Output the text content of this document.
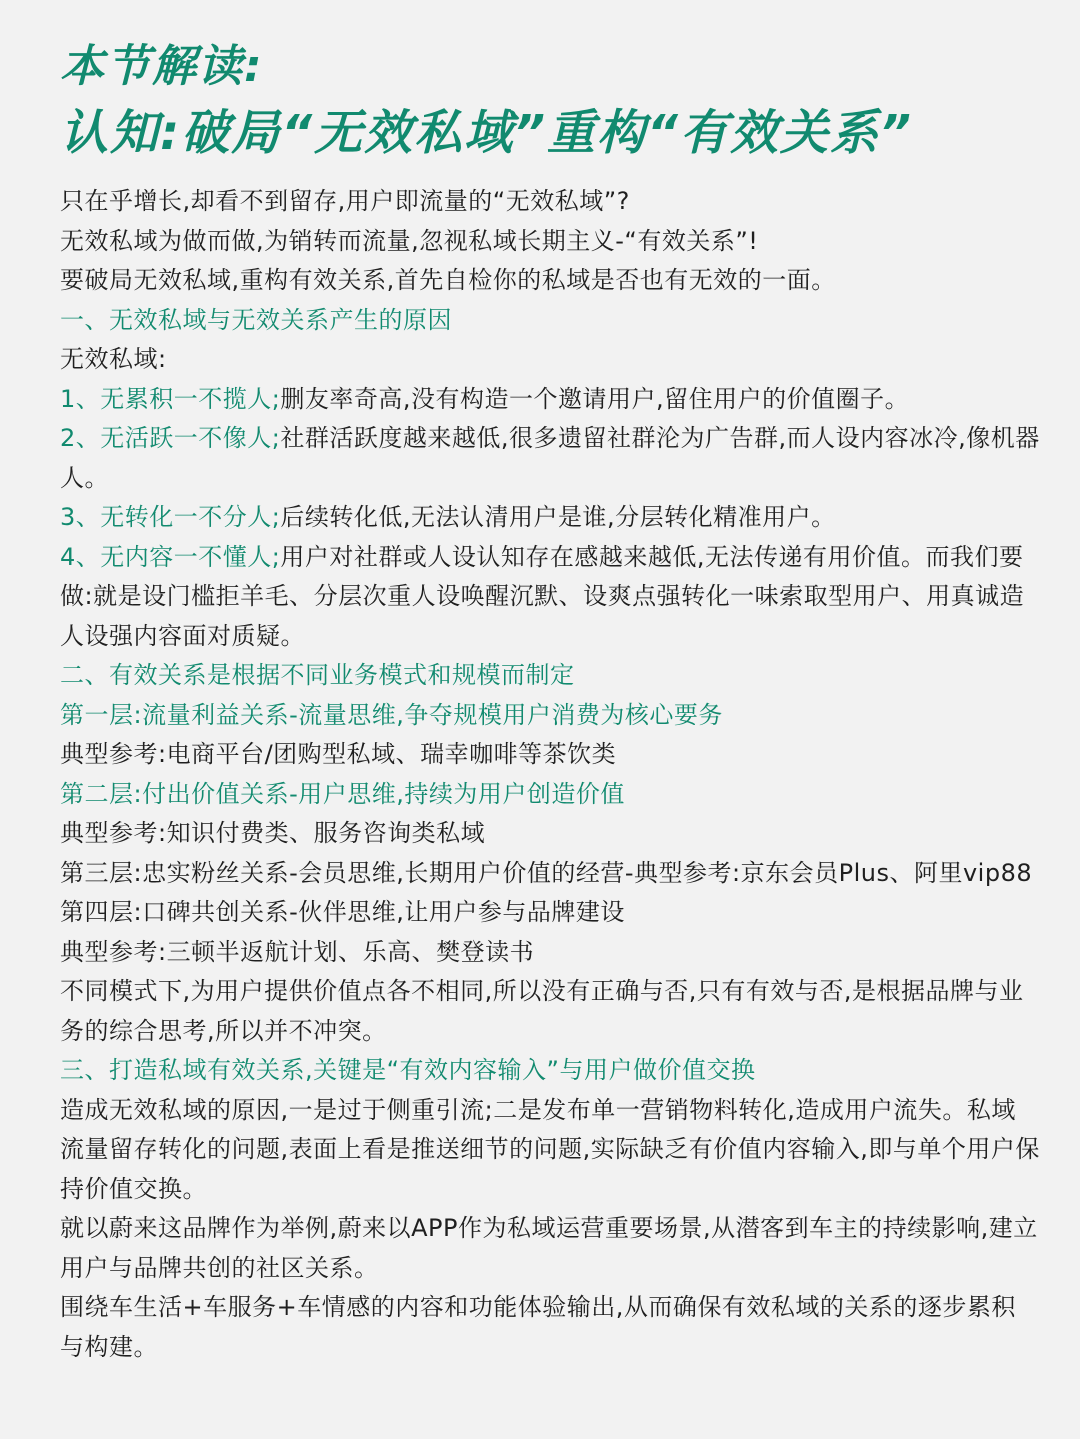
本节解读:
认知:破局“无效私域”重构“有效关系”
只在乎增长,却看不到留存,用户即流量的“无效私域”?
无效私域为做而做,为销转而流量,忽视私域长期主义-“有效关系”!
要破局无效私域,重构有效关系,首先自检你的私域是否也有无效的一面。
一、无效私域与无效关系产生的原因
无效私域:
1、无累积一不揽人;删友率奇高,没有构造一个邀请用户,留住用户的价值圈子。
2、无活跃一不像人;社群活跃度越来越低,很多遗留社群沦为广告群,而人设内容冰冷,像机器人。
3、无转化一不分人;后续转化低,无法认清用户是谁,分层转化精准用户。
4、无内容一不懂人;用户对社群或人设认知存在感越来越低,无法传递有用价值。而我们要做:就是设门槛拒羊毛、分层次重人设唤醒沉默、设爽点强转化一味索取型用户、用真诚造人设强内容面对质疑。
二、有效关系是根据不同业务模式和规模而制定
第一层:流量利益关系-流量思维,争夺规模用户消费为核心要务
典型参考:电商平台/团购型私域、瑞幸咖啡等茶饮类
第二层:付出价值关系-用户思维,持续为用户创造价值
典型参考:知识付费类、服务咨询类私域
第三层:忠实粉丝关系-会员思维,长期用户价值的经营-典型参考:京东会员Plus、阿里vip88
第四层:口碑共创关系-伙伴思维,让用户参与品牌建设
典型参考:三顿半返航计划、乐高、樊登读书
不同模式下,为用户提供价值点各不相同,所以没有正确与否,只有有效与否,是根据品牌与业务的综合思考,所以并不冲突。
三、打造私域有效关系,关键是“有效内容输入”与用户做价值交换
造成无效私域的原因,一是过于侧重引流;二是发布单一营销物料转化,造成用户流失。私域流量留存转化的问题,表面上看是推送细节的问题,实际缺乏有价值内容输入,即与单个用户保持价值交换。
就以蔚来这品牌作为举例,蔚来以APP作为私域运营重要场景,从潜客到车主的持续影响,建立用户与品牌共创的社区关系。
围绕车生活+车服务+车情感的内容和功能体验输出,从而确保有效私域的关系的逐步累积与构建。
